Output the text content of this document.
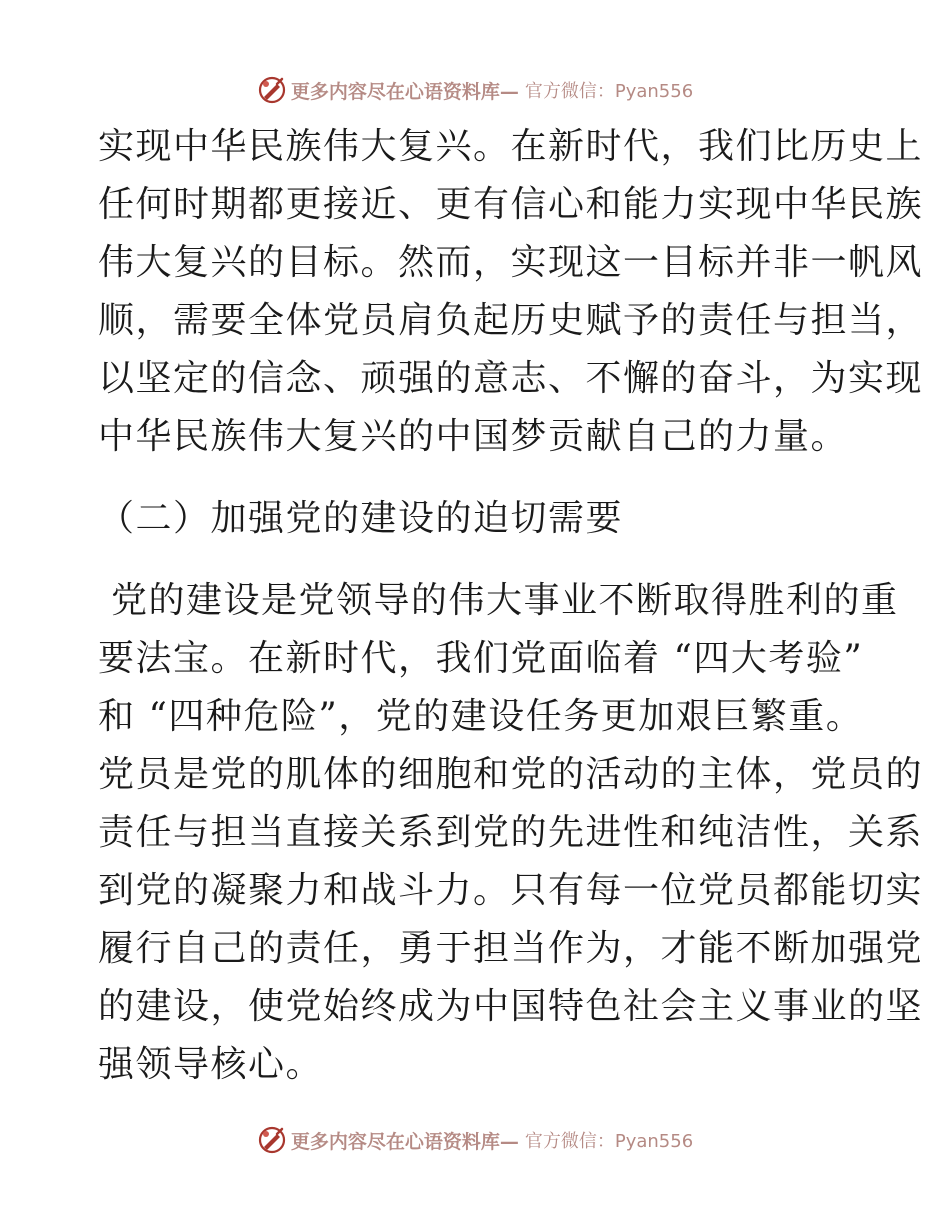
更多内容尽在心语资料库— 官方微信：Pyan556
实现中华民族伟大复兴。在新时代，我们比历史上
任何时期都更接近、更有信心和能力实现中华民族
伟大复兴的目标。然而，实现这一目标并非一帆风
顺，需要全体党员肩负起历史赋予的责任与担当，
以坚定的信念、顽强的意志、不懈的奋斗，为实现
中华民族伟大复兴的中国梦贡献自己的力量。
（二）加强党的建设的迫切需要
党的建设是党领导的伟大事业不断取得胜利的重
要法宝。在新时代，我们党面临着 “四大考验”
和 “四种危险”，党的建设任务更加艰巨繁重。
党员是党的肌体的细胞和党的活动的主体，党员的
责任与担当直接关系到党的先进性和纯洁性，关系
到党的凝聚力和战斗力。只有每一位党员都能切实
履行自己的责任，勇于担当作为，才能不断加强党
的建设，使党始终成为中国特色社会主义事业的坚
强领导核心。
更多内容尽在心语资料库— 官方微信：Pyan556
